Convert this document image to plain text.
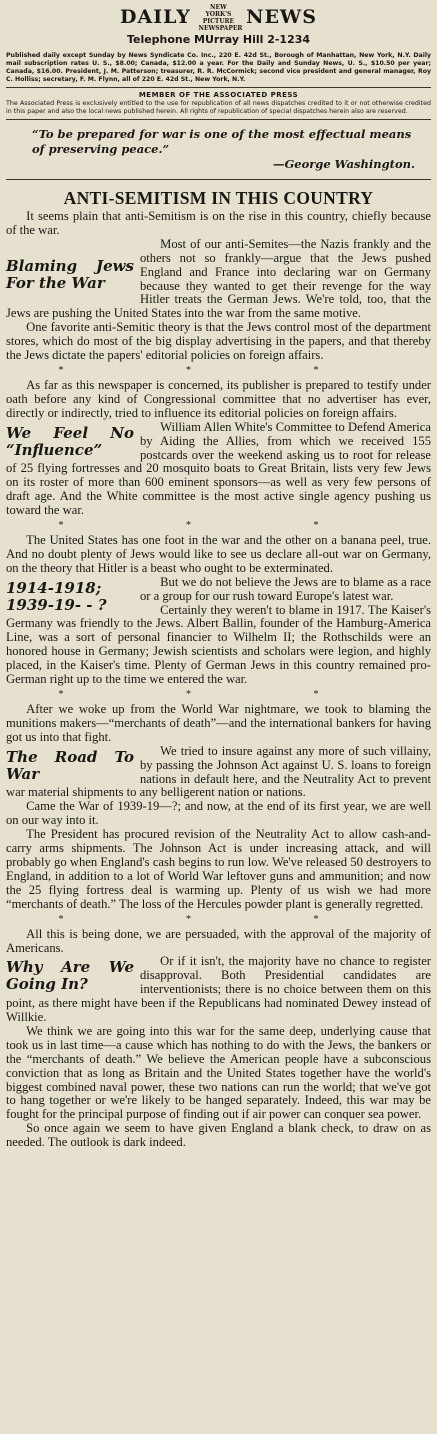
DAILY	NEW YORK'S PICTURE NEWSPAPER NEWS
Telephone MUrray Hill 2-1234
Published daily except Sunday by News Syndicate Co. Inc., 220 E. 42d St., Borough of Manhattan, New York, N.Y. Daily mail subscription rates U. S., $8.00; Canada, $12.00 a year. For the Daily and Sunday News, U. S., $10.50 per year; Canada, $16.00. President, J. M. Patterson; treasurer, R. R. McCormick; second vice president and general manager, Roy C. Holliss; secretary, F. M. Flynn, all of 220 E. 42d St., New York, N.Y.
MEMBER OF THE ASSOCIATED PRESS
The Associated Press is exclusively entitled to the use for republication of all news dispatches credited to it or not otherwise credited in this paper and also the local news published herein. All rights of republication of special dispatches herein also are reserved.
“To be prepared for war is one of the most effectual means of preserving peace.”
—George Washington.
ANTI-SEMITISM IN THIS COUNTRY

It seems plain that anti-Semitism is on the rise in this country, chiefly because of the war.

Blaming Jews For the War

Most of our anti-Semites—the Nazis frankly and the others not so frankly—argue that the Jews pushed England and France into declaring war on Germany because they wanted to get their revenge for the way Hitler treats the German Jews. We're told, too, that the Jews are pushing the United States into the war from the same motive.

One favorite anti-Semitic theory is that the Jews control most of the department stores, which do most of the big display advertising in the papers, and that thereby the Jews dictate the papers' editorial policies on foreign affairs.

* * *

As far as this newspaper is concerned, its publisher is prepared to testify under oath before any kind of Congressional committee that no advertiser has ever, directly or indirectly, tried to influence its editorial policies on foreign affairs.

We Feel No “Influence”

William Allen White's Committee to Defend America by Aiding the Allies, from which we received 155 postcards over the weekend asking us to root for release of 25 flying fortresses and 20 mosquito boats to Great Britain, lists very few Jews on its roster of more than 600 eminent sponsors—as well as very few persons of draft age. And the White committee is the most active single agency pushing us toward the war.

* * *

The United States has one foot in the war and the other on a banana peel, true. And no doubt plenty of Jews would like to see us declare all-out war on Germany, on the theory that Hitler is a beast who ought to be exterminated.

1914-1918; 1939-19- - ?

But we do not believe the Jews are to blame as a race or a group for our rush toward Europe's latest war.

Certainly they weren't to blame in 1917. The Kaiser's Germany was friendly to the Jews. Albert Ballin, founder of the Hamburg-America Line, was a sort of personal financier to Wilhelm II; the Rothschilds were an honored house in Germany; Jewish scientists and scholars were legion, and highly placed, in the Kaiser's time. Plenty of German Jews in this country remained pro-German right up to the time we entered the war.

* * *

After we woke up from the World War nightmare, we took to blaming the munitions makers—“merchants of death”—and the international bankers for having got us into that fight.

The Road To War

We tried to insure against any more of such villainy, by passing the Johnson Act against U. S. loans to foreign nations in default here, and the Neutrality Act to prevent war material shipments to any belligerent nation or nations.

Came the War of 1939-19—?; and now, at the end of its first year, we are well on our way into it.

The President has procured revision of the Neutrality Act to allow cash-and-carry arms shipments. The Johnson Act is under increasing attack, and will probably go when England's cash begins to run low. We've released 50 destroyers to England, in addition to a lot of World War leftover guns and ammunition; and now the 25 flying fortress deal is warming up. Plenty of us wish we had more “merchants of death.” The loss of the Hercules powder plant is generally regretted.

* * *

All this is being done, we are persuaded, with the approval of the majority of Americans.

Why Are We Going In?

Or if it isn't, the majority have no chance to register disapproval. Both Presidential candidates are interventionists; there is no choice between them on this point, as there might have been if the Republicans had nominated Dewey instead of Willkie.

We think we are going into this war for the same deep, underlying cause that took us in last time—a cause which has nothing to do with the Jews, the bankers or the “merchants of death.” We believe the American people have a subconscious conviction that as long as Britain and the United States together have the world's biggest combined naval power, these two nations can run the world; that we've got to hang together or we're likely to be hanged separately. Indeed, this war may be fought for the principal purpose of finding out if air power can conquer sea power.

So once again we seem to have given England a blank check, to draw on as needed. The outlook is dark indeed.
